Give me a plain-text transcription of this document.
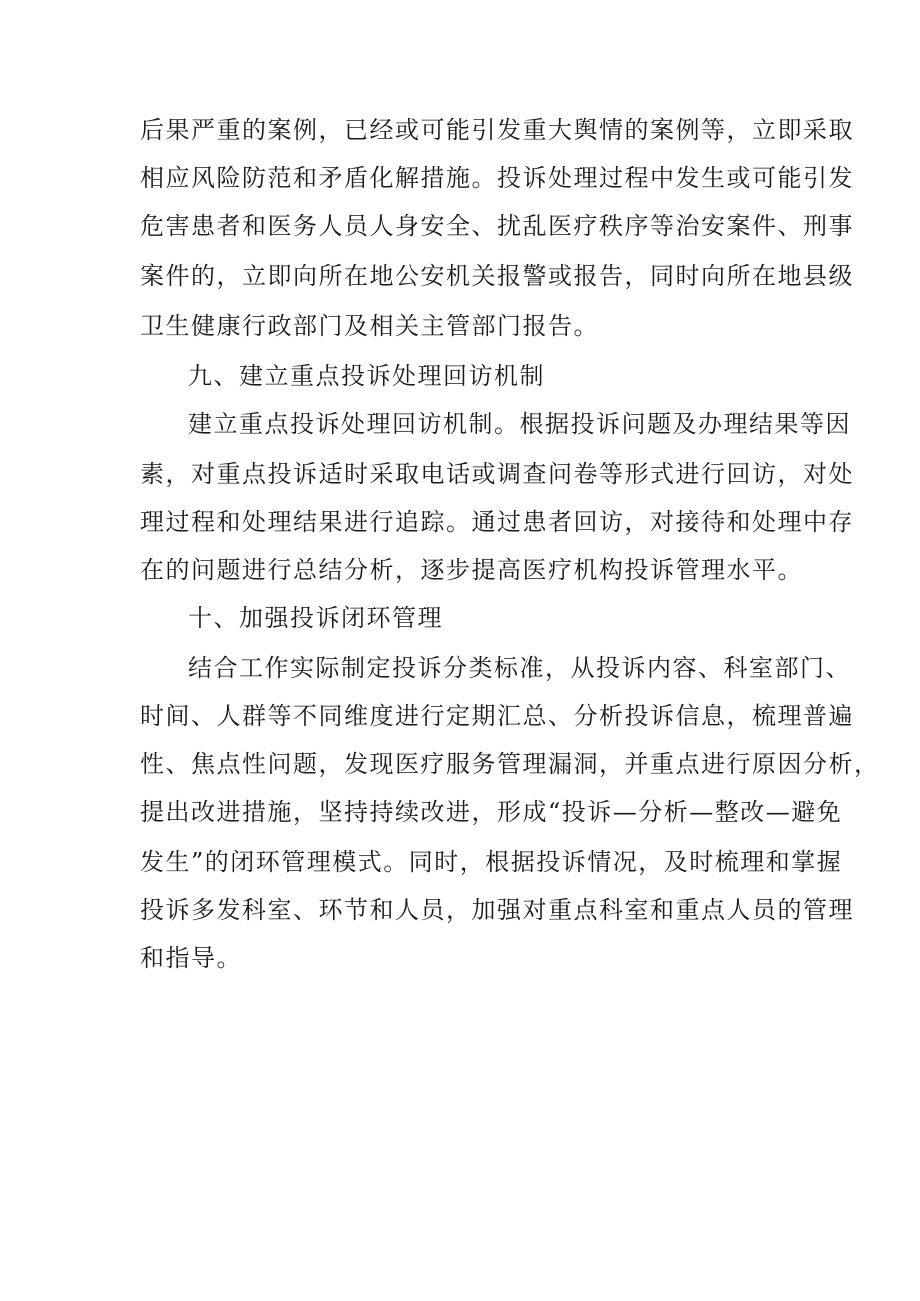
后果严重的案例，已经或可能引发重大舆情的案例等，立即采取
相应风险防范和矛盾化解措施。投诉处理过程中发生或可能引发
危害患者和医务人员人身安全、扰乱医疗秩序等治安案件、刑事
案件的，立即向所在地公安机关报警或报告，同时向所在地县级
卫生健康行政部门及相关主管部门报告。
九、建立重点投诉处理回访机制
建立重点投诉处理回访机制。根据投诉问题及办理结果等因
素，对重点投诉适时采取电话或调查问卷等形式进行回访，对处
理过程和处理结果进行追踪。通过患者回访，对接待和处理中存
在的问题进行总结分析，逐步提高医疗机构投诉管理水平。
十、加强投诉闭环管理
结合工作实际制定投诉分类标准，从投诉内容、科室部门、
时间、人群等不同维度进行定期汇总、分析投诉信息，梳理普遍
性、焦点性问题，发现医疗服务管理漏洞，并重点进行原因分析，
提出改进措施，坚持持续改进，形成“投诉—分析—整改—避免
发生”的闭环管理模式。同时，根据投诉情况，及时梳理和掌握
投诉多发科室、环节和人员，加强对重点科室和重点人员的管理
和指导。
